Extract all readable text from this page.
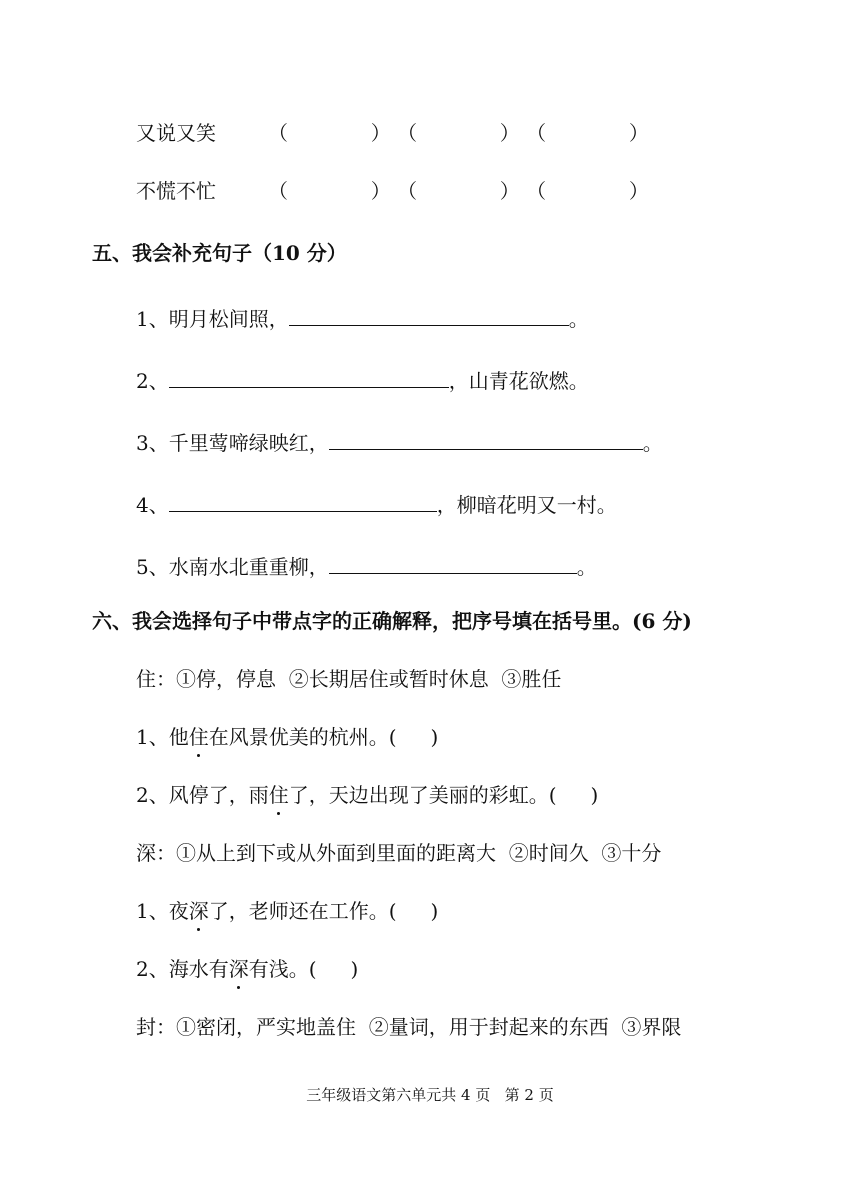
又说又笑	（	） （	） （	）
不慌不忙	（	） （	） （	）
五、我会补充句子（10 分）
1、明月松间照，	。
2、	，山青花欲燃。
3、千里莺啼绿映红，	。
4、	，柳暗花明又一村。
5、水南水北重重柳，	。
六、我会选择句子中带点字的正确解释，把序号填在括号里。(6 分)
住：①停，停息  ②长期居住或暂时休息  ③胜任
1、他住在风景优美的杭州。( )
2、风停了，雨住了，天边出现了美丽的彩虹。( )
深：①从上到下或从外面到里面的距离大  ②时间久  ③十分
1、夜深了，老师还在工作。( )
2、海水有深有浅。( )
封：①密闭，严实地盖住  ②量词，用于封起来的东西  ③界限
三年级语文第六单元共 4 页   第 2 页
